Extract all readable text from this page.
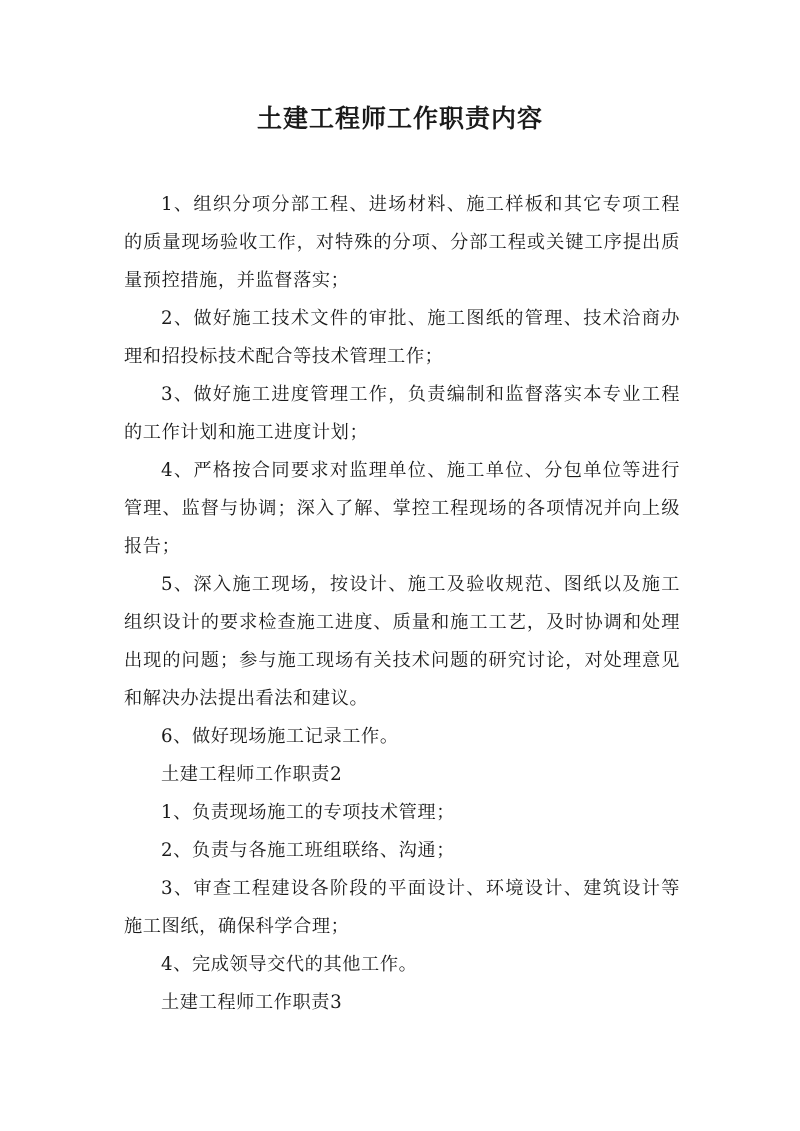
土建工程师工作职责内容

1、组织分项分部工程、进场材料、施工样板和其它专项工程的质量现场验收工作，对特殊的分项、分部工程或关键工序提出质量预控措施，并监督落实；

2、做好施工技术文件的审批、施工图纸的管理、技术洽商办理和招投标技术配合等技术管理工作；

3、做好施工进度管理工作，负责编制和监督落实本专业工程的工作计划和施工进度计划；

4、严格按合同要求对监理单位、施工单位、分包单位等进行管理、监督与协调；深入了解、掌控工程现场的各项情况并向上级报告；

5、深入施工现场，按设计、施工及验收规范、图纸以及施工组织设计的要求检查施工进度、质量和施工工艺，及时协调和处理出现的问题；参与施工现场有关技术问题的研究讨论，对处理意见和解决办法提出看法和建议。

6、做好现场施工记录工作。

土建工程师工作职责2

1、负责现场施工的专项技术管理；

2、负责与各施工班组联络、沟通；

3、审查工程建设各阶段的平面设计、环境设计、建筑设计等施工图纸，确保科学合理；

4、完成领导交代的其他工作。

土建工程师工作职责3
